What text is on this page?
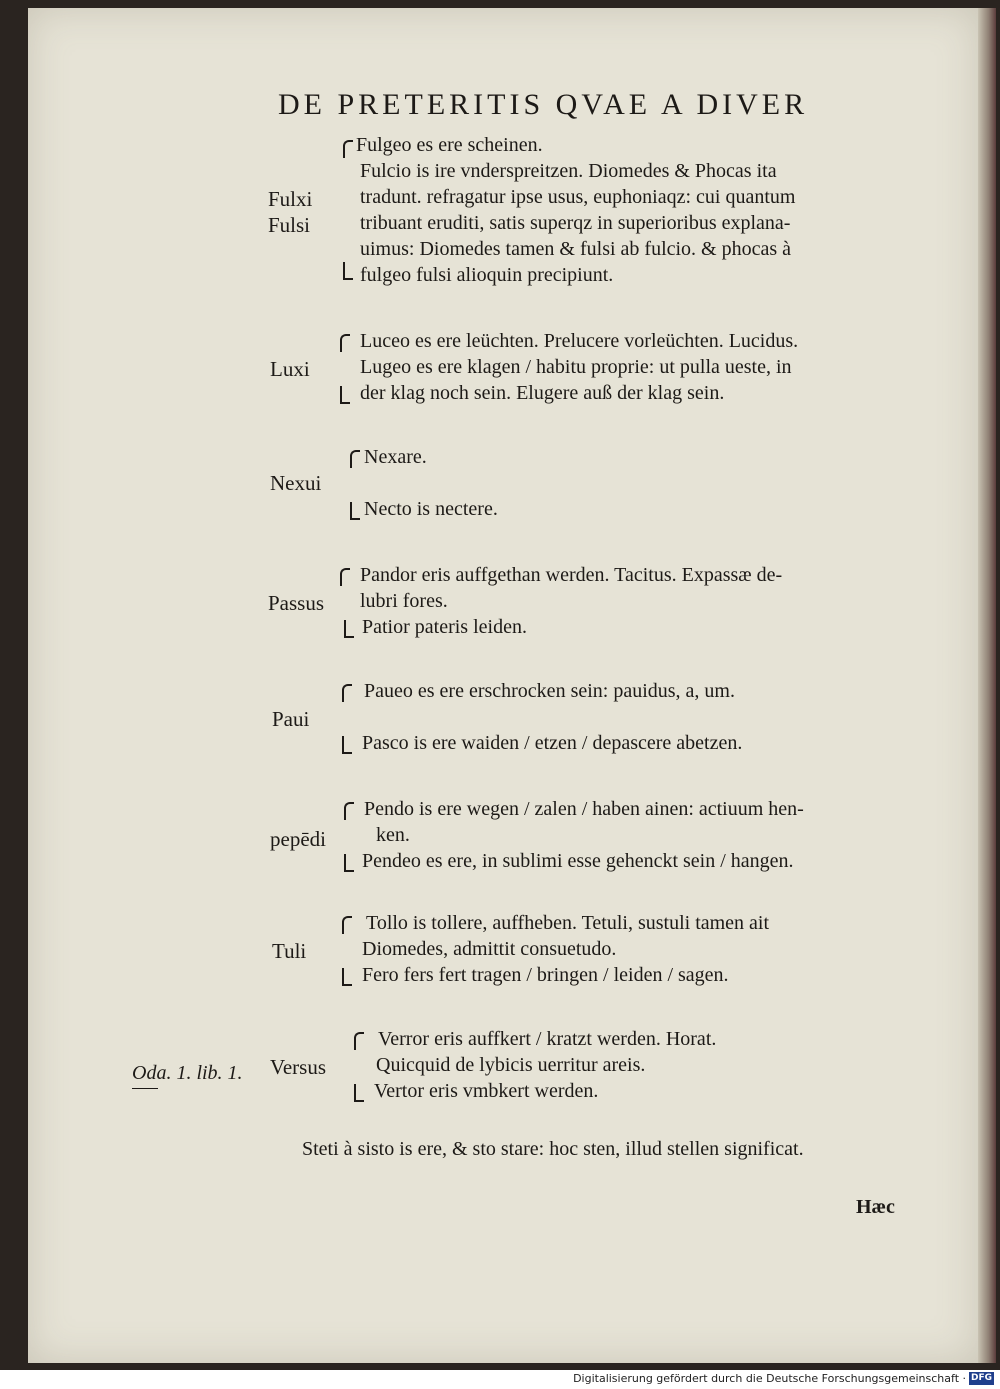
DE PRETERITIS QVAE A DIVER
Fulxi
Fulsi
Fulgeo es ere scheinen.
Fulcio is ire vnderspreitzen. Diomedes & Phocas ita
tradunt. refragatur ipse usus, euphoniaqz: cui quantum
tribuant eruditi, satis superqz in superioribus explana-
uimus: Diomedes tamen & fulsi ab fulcio. & phocas à
fulgeo fulsi alioquin precipiunt.
Luxi
Luceo es ere leüchten. Prelucere vorleüchten. Lucidus.
Lugeo es ere klagen / habitu proprie: ut pulla ueste, in
der klag noch sein. Elugere auß der klag sein.
Nexui
Nexare.
Necto is nectere.
Passus
Pandor eris auffgethan werden. Tacitus. Expassæ de-
lubri fores.
Patior pateris leiden.
Paui
Paueo es ere erschrocken sein: pauidus, a, um.
Pasco is ere waiden / etzen / depascere abetzen.
pepēdi
Pendo is ere wegen / zalen / haben ainen: actiuum hen-
ken.
Pendeo es ere, in sublimi esse gehenckt sein / hangen.
Tuli
Tollo is tollere, auffheben. Tetuli, sustuli tamen ait
Diomedes, admittit consuetudo.
Fero fers fert tragen / bringen / leiden / sagen.
Versus
Verror eris auffkert / kratzt werden. Horat.
Quicquid de lybicis uerritur areis.
Vertor eris vmbkert werden.
Oda. 1. lib. 1.
Steti à sisto is ere, & sto stare: hoc sten, illud stellen significat.
Hæc
Digitalisierung gefördert durch die Deutsche Forschungsgemeinschaft · DFG
